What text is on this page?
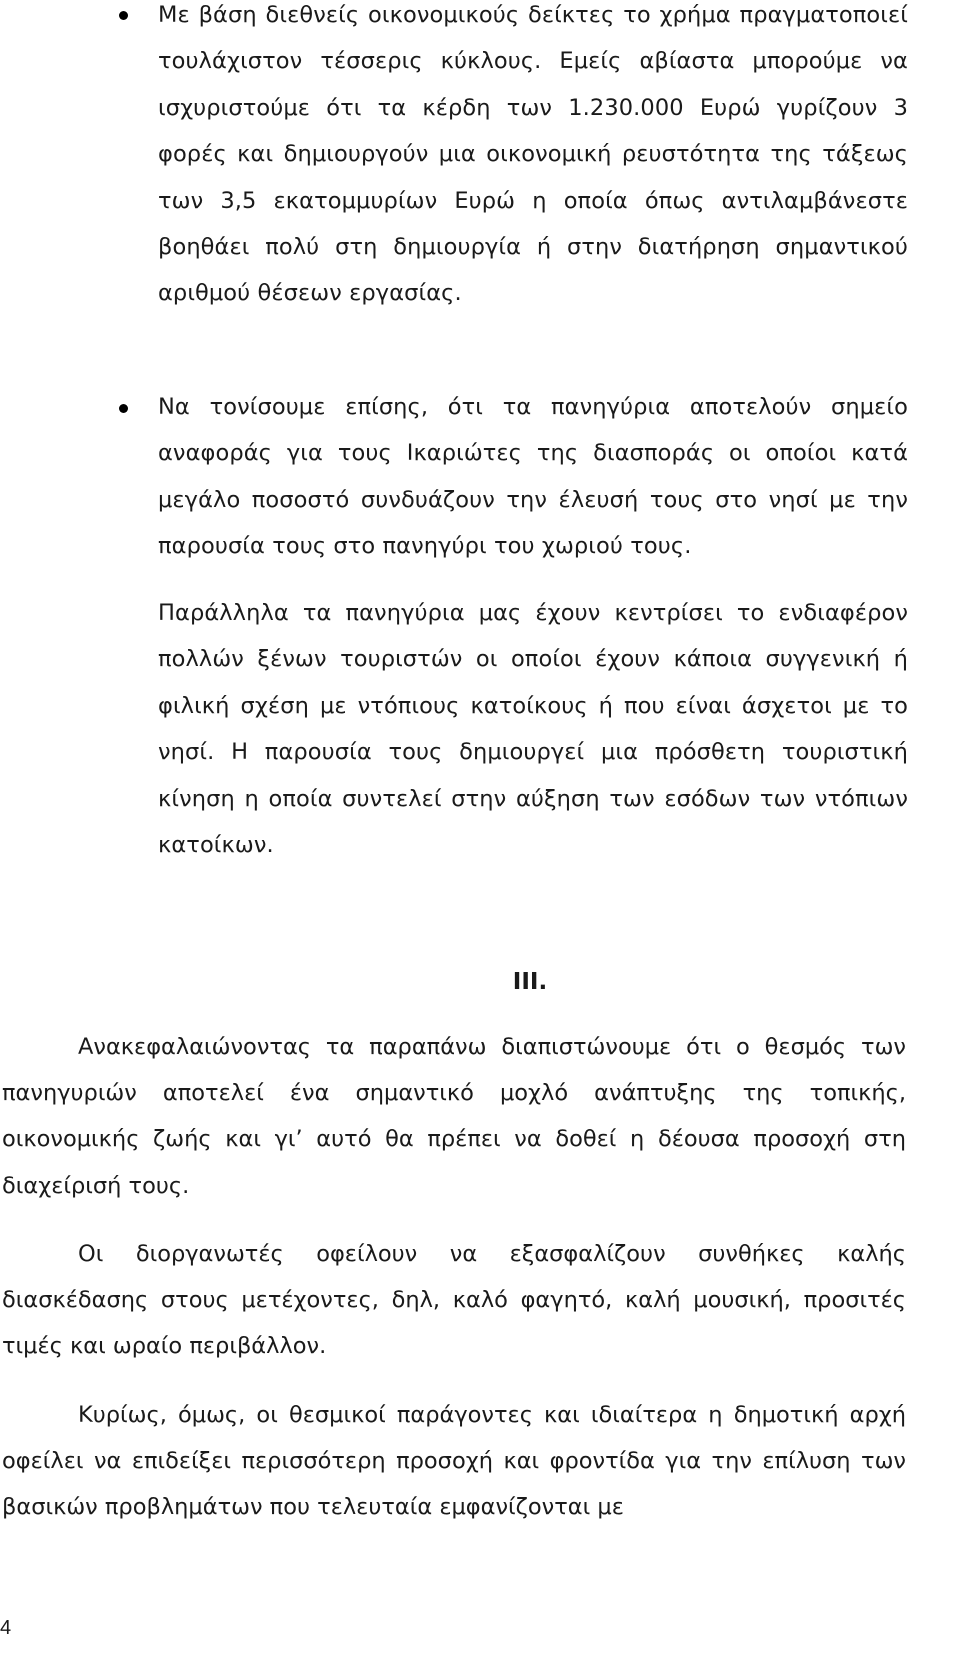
Με βάση διεθνείς οικονομικούς δείκτες το χρήμα πραγματοποιεί τουλάχιστον τέσσερις κύκλους. Εμείς αβίαστα μπορούμε να ισχυριστούμε ότι τα κέρδη των 1.230.000 Ευρώ γυρίζουν 3 φορές και δημιουργούν μια οικονομική ρευστότητα της τάξεως των 3,5 εκατομμυρίων Ευρώ η οποία όπως αντιλαμβάνεστε βοηθάει πολύ στη δημιουργία ή στην διατήρηση σημαντικού αριθμού θέσεων εργασίας.
Να τονίσουμε επίσης, ότι τα πανηγύρια αποτελούν σημείο αναφοράς για τους Ικαριώτες της διασποράς οι οποίοι κατά μεγάλο ποσοστό συνδυάζουν την έλευσή τους στο νησί με την παρουσία τους στο πανηγύρι του χωριού τους.
Παράλληλα τα πανηγύρια μας έχουν κεντρίσει το ενδιαφέρον πολλών ξένων τουριστών οι οποίοι έχουν κάποια συγγενική ή φιλική σχέση με ντόπιους κατοίκους ή που είναι άσχετοι με το νησί. Η παρουσία τους δημιουργεί μια πρόσθετη τουριστική κίνηση η οποία συντελεί στην αύξηση των εσόδων των ντόπιων κατοίκων.
III.
Ανακεφαλαιώνοντας τα παραπάνω διαπιστώνουμε ότι ο θεσμός των πανηγυριών αποτελεί ένα σημαντικό μοχλό ανάπτυξης της τοπικής, οικονομικής ζωής και γι’ αυτό θα πρέπει να δοθεί η δέουσα προσοχή στη διαχείρισή τους.
Οι διοργανωτές οφείλουν να εξασφαλίζουν συνθήκες καλής διασκέδασης στους μετέχοντες, δηλ, καλό φαγητό, καλή μουσική, προσιτές τιμές και ωραίο περιβάλλον.
Κυρίως, όμως, οι θεσμικοί παράγοντες και ιδιαίτερα η δημοτική αρχή οφείλει να επιδείξει περισσότερη προσοχή και φροντίδα για την επίλυση των βασικών προβλημάτων που τελευταία εμφανίζονται με
4
